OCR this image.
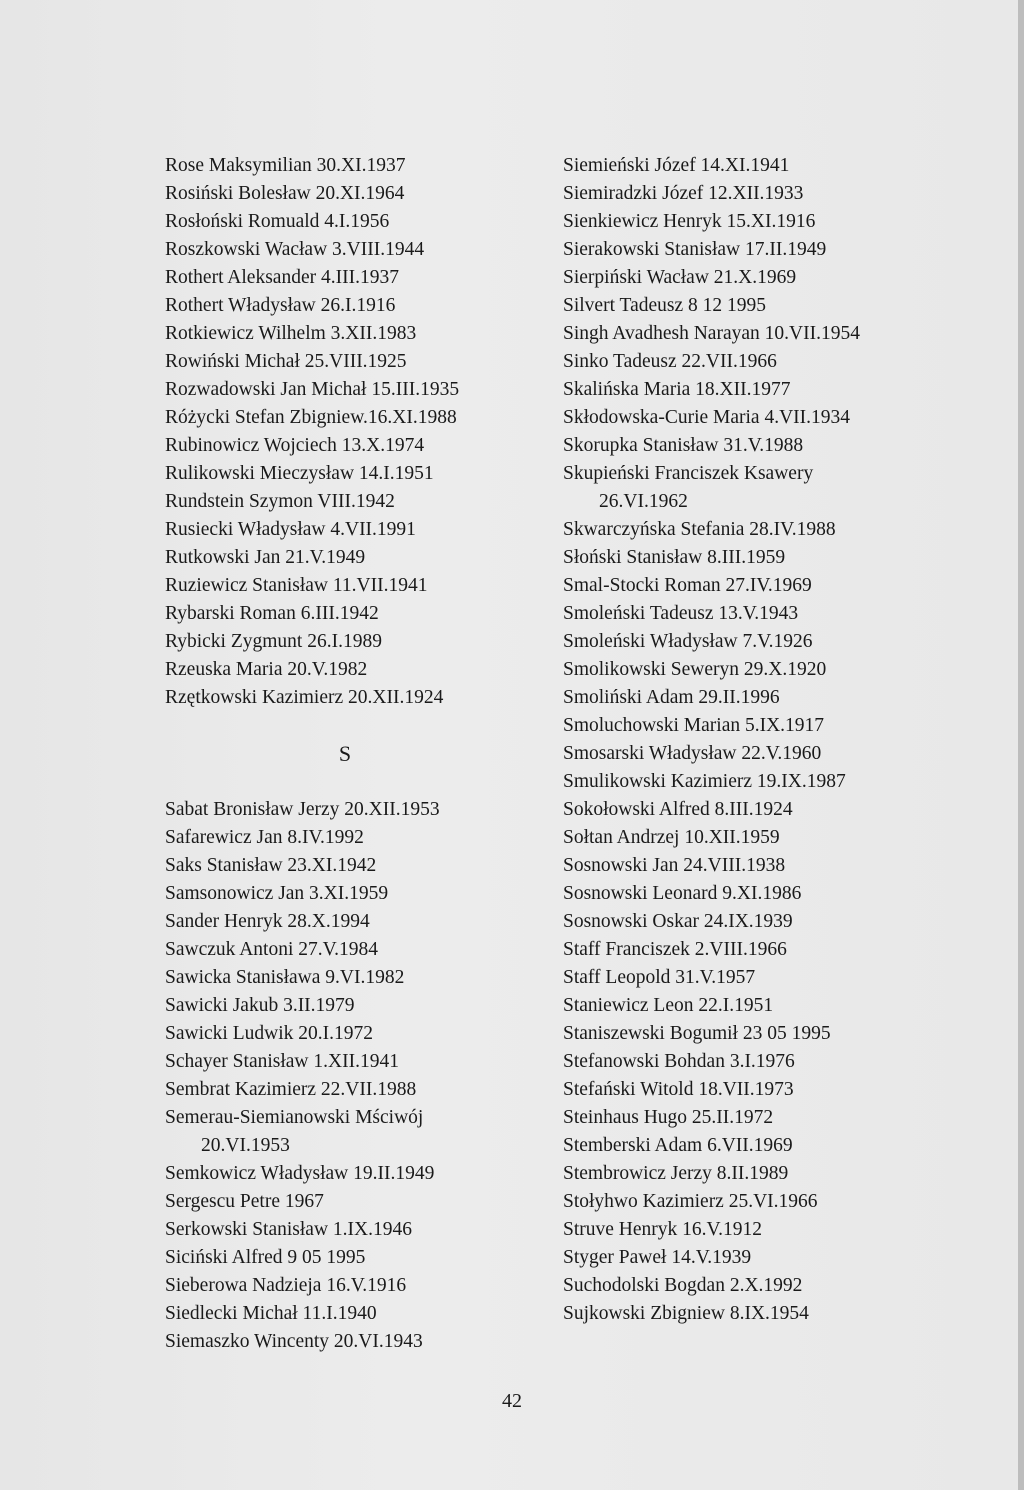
Rose Maksymilian 30.XI.1937
Rosiński Bolesław 20.XI.1964
Rosłoński Romuald 4.I.1956
Roszkowski Wacław 3.VIII.1944
Rothert Aleksander 4.III.1937
Rothert Władysław 26.I.1916
Rotkiewicz Wilhelm 3.XII.1983
Rowiński Michał 25.VIII.1925
Rozwadowski Jan Michał 15.III.1935
Różycki Stefan Zbigniew.16.XI.1988
Rubinowicz Wojciech 13.X.1974
Rulikowski Mieczysław 14.I.1951
Rundstein Szymon VIII.1942
Rusiecki Władysław 4.VII.1991
Rutkowski Jan 21.V.1949
Ruziewicz Stanisław 11.VII.1941
Rybarski Roman 6.III.1942
Rybicki Zygmunt 26.I.1989
Rzeuska Maria 20.V.1982
Rzętkowski Kazimierz 20.XII.1924
S
Sabat Bronisław Jerzy 20.XII.1953
Safarewicz Jan 8.IV.1992
Saks Stanisław 23.XI.1942
Samsonowicz Jan 3.XI.1959
Sander Henryk 28.X.1994
Sawczuk Antoni 27.V.1984
Sawicka Stanisława 9.VI.1982
Sawicki Jakub 3.II.1979
Sawicki Ludwik 20.I.1972
Schayer Stanisław 1.XII.1941
Sembrat Kazimierz 22.VII.1988
Semerau-Siemianowski Mściwój
20.VI.1953
Semkowicz Władysław 19.II.1949
Sergescu Petre 1967
Serkowski Stanisław 1.IX.1946
Siciński Alfred 9 05 1995
Sieberowa Nadzieja 16.V.1916
Siedlecki Michał 11.I.1940
Siemaszko Wincenty 20.VI.1943
Siemieński Józef 14.XI.1941
Siemiradzki Józef 12.XII.1933
Sienkiewicz Henryk 15.XI.1916
Sierakowski Stanisław 17.II.1949
Sierpiński Wacław 21.X.1969
Silvert Tadeusz 8 12 1995
Singh Avadhesh Narayan 10.VII.1954
Sinko Tadeusz 22.VII.1966
Skalińska Maria 18.XII.1977
Skłodowska-Curie Maria 4.VII.1934
Skorupka Stanisław 31.V.1988
Skupieński Franciszek Ksawery
26.VI.1962
Skwarczyńska Stefania 28.IV.1988
Słoński Stanisław 8.III.1959
Smal-Stocki Roman 27.IV.1969
Smoleński Tadeusz 13.V.1943
Smoleński Władysław 7.V.1926
Smolikowski Seweryn 29.X.1920
Smoliński Adam 29.II.1996
Smoluchowski Marian 5.IX.1917
Smosarski Władysław 22.V.1960
Smulikowski Kazimierz 19.IX.1987
Sokołowski Alfred 8.III.1924
Sołtan Andrzej 10.XII.1959
Sosnowski Jan 24.VIII.1938
Sosnowski Leonard 9.XI.1986
Sosnowski Oskar 24.IX.1939
Staff Franciszek 2.VIII.1966
Staff Leopold 31.V.1957
Staniewicz Leon 22.I.1951
Staniszewski Bogumił 23 05 1995
Stefanowski Bohdan 3.I.1976
Stefański Witold 18.VII.1973
Steinhaus Hugo 25.II.1972
Stemberski Adam 6.VII.1969
Stembrowicz Jerzy 8.II.1989
Stołyhwo Kazimierz 25.VI.1966
Struve Henryk 16.V.1912
Styger Paweł 14.V.1939
Suchodolski Bogdan 2.X.1992
Sujkowski Zbigniew 8.IX.1954
42
